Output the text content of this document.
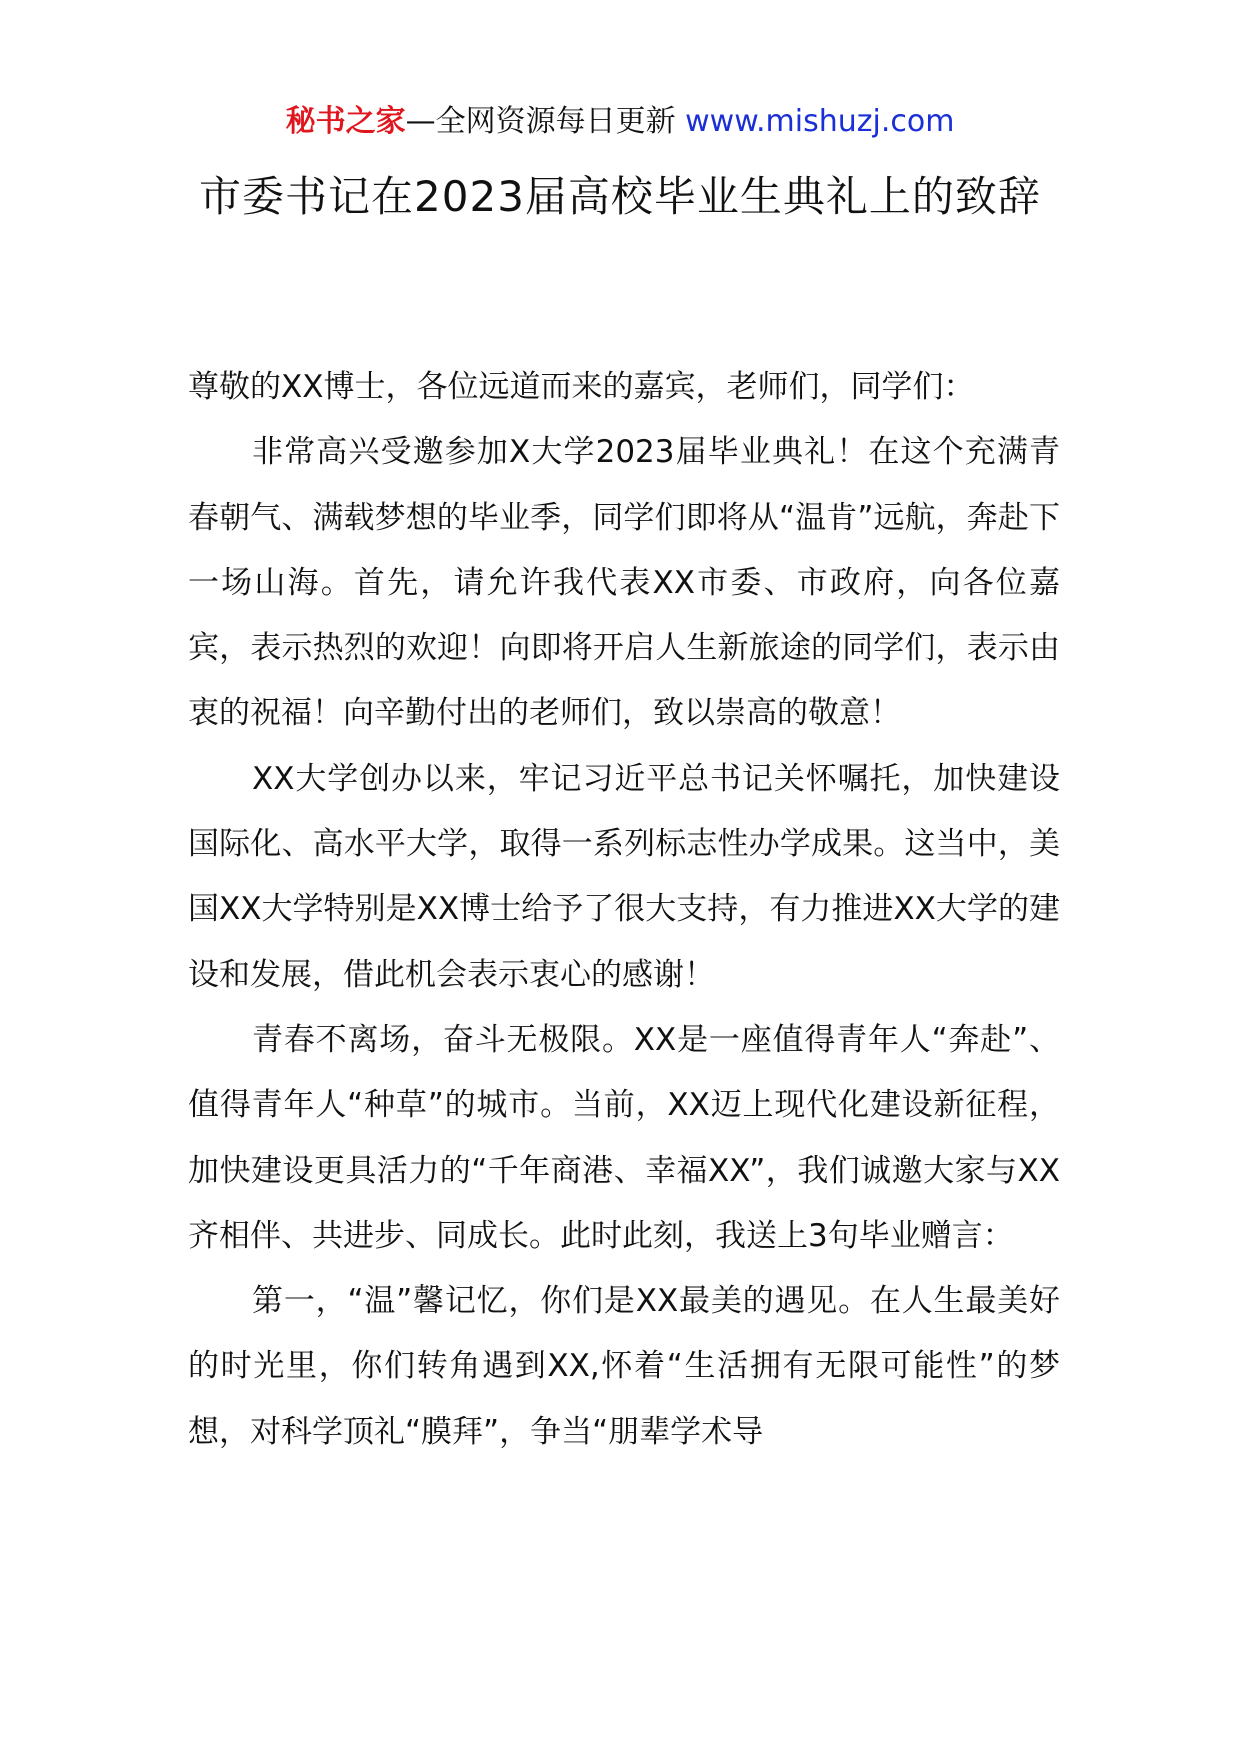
秘书之家—全网资源每日更新 www.mishuzj.com
市委书记在2023届高校毕业生典礼上的致辞

尊敬的XX博士，各位远道而来的嘉宾，老师们，同学们：

非常高兴受邀参加X大学2023届毕业典礼！在这个充满青春朝气、满载梦想的毕业季，同学们即将从“温肯”远航，奔赴下一场山海。首先，请允许我代表XX市委、市政府，向各位嘉宾，表示热烈的欢迎！向即将开启人生新旅途的同学们，表示由衷的祝福！向辛勤付出的老师们，致以崇高的敬意！

XX大学创办以来，牢记习近平总书记关怀嘱托，加快建设国际化、高水平大学，取得一系列标志性办学成果。这当中，美国XX大学特别是XX博士给予了很大支持，有力推进XX大学的建设和发展，借此机会表示衷心的感谢！

青春不离场，奋斗无极限。XX是一座值得青年人“奔赴”、值得青年人“种草”的城市。当前，XX迈上现代化建设新征程，加快建设更具活力的“千年商港、幸福XX”，我们诚邀大家与XX齐相伴、共进步、同成长。此时此刻，我送上3句毕业赠言：

第一，“温”馨记忆，你们是XX最美的遇见。在人生最美好的时光里，你们转角遇到XX,怀着“生活拥有无限可能性”的梦想，对科学顶礼“膜拜”，争当“朋辈学术导
